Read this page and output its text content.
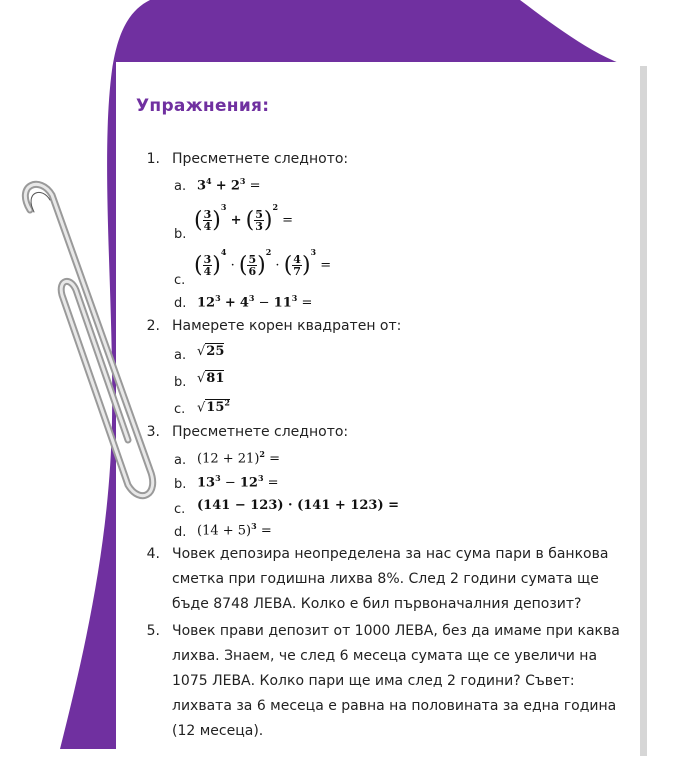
Упражнения:
1. Пресметнете следното:
a. $3^4 + 2^3$ =
b.
( $\frac{3}{4} )^3$ + ( $\frac{5}{3} )^2$ =
c.
( $\frac{3}{4} )^4$ · ( $\frac{5}{6} )^2$ · ( $\frac{4}{7} )^3$ =
d. $12^3 + 4^3 - 11^3$ =
2. Намерете корен квадратен от:
a. √25
b. √81
c. $√15^2$
3. Пресметнете следното:
a. $(12 + 21)^2$ =
b. $13^3 - 12^3$ =
c. (141 − 123) · (141 + 123) =
d. $(14 + 5)^3$ =
4. Човек депозира неопределена за нас сума пари в банкова
сметка при годишна лихва 8%. След 2 години сумата ще
бъде 8748 ЛЕВА. Колко е бил първоначалния депозит?
5. Човек прави депозит от 1000 ЛЕВА, без да имаме при каква
лихва. Знаем, че след 6 месеца сумата ще се увеличи на
1075 ЛЕВА. Колко пари ще има след 2 години? Съвет:
лихвата за 6 месеца е равна на половината за една година
(12 месеца).
